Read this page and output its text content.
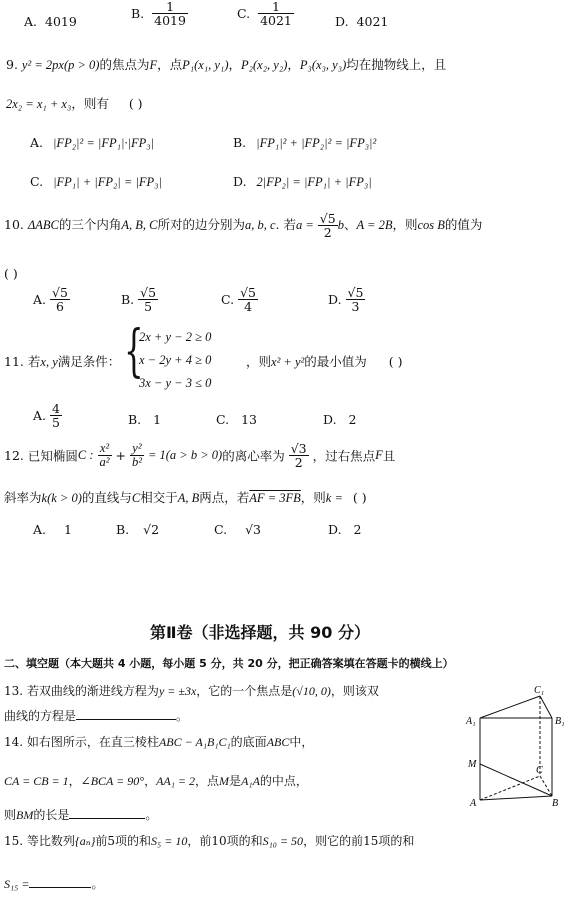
A. 4019
B. $\frac{1}{4019}$	C. $\frac{1}{4021}$	D. 4021
9. y² = 2px(p > 0)的焦点为F，点P₁(x₁, y₁)，P₂(x₂, y₂)，P₃(x₃, y₃)均在抛物线上，且
2x₂ = x₁ + x₃，则有 ( )
A. |FP₂|² = |FP₁|·|FP₃|	B. |FP₁|² + |FP₂|² = |FP₃|²
C. |FP₁| + |FP₂| = |FP₃|	D. 2|FP₂| = |FP₁| + |FP₃|
10. ΔABC的三个内角A, B, C所对的边分别为a, b, c. 若$a = \frac{√5}{2}$ b、A = 2B，则cos B的值为
( )
A. $\frac{√5}{6}$	B. $\frac{√5}{5}$	C. $\frac{√5}{4}$	D. $\frac{√5}{3}$
11. 若x, y满足条件： {
2x + y − 2 ≥ 0
x − 2y + 4 ≥ 0
3x − y − 3 ≤ 0
，则x² + y²的最小值为 ( )
A. $\frac{4}{5}$	B. 1	C. 13	D. 2
12. 已知椭圆C : $\frac{\text{x²}}{\text{a²}} + \frac{\text{y²}}{\text{b²}} = 1(a > b > 0)$的离心率为 $\frac{√3}{2}$ ，过右焦点F且
斜率为k(k > 0)的直线与C相交于A, B两点，若AF = 3FB，则k = ( )
A. 1	B. √2	C. √3	D. 2
第Ⅱ卷（非选择题，共 90 分）
二、填空题（本大题共 4 小题，每小题 5 分，共 20 分，把正确答案填在答题卡的横线上）
13. 若双曲线的渐进线方程为y = ±3x，它的一个焦点是(√10, 0)，则该双
曲线的方程是	。
14. 如右图所示，在直三棱柱ABC − A₁B₁C₁的底面ABC中，
CA = CB = 1，∠BCA = 90°，AA₁ = 2，点M是A₁A的中点，
则BM的长是	。
15. 等比数列{aₙ}前5项的和S₅ = 10，前10项的和S₁₀ = 50，则它的前15项的和
S₁₅ =	。
C₁
A₁	B₁
M
C
A	B
